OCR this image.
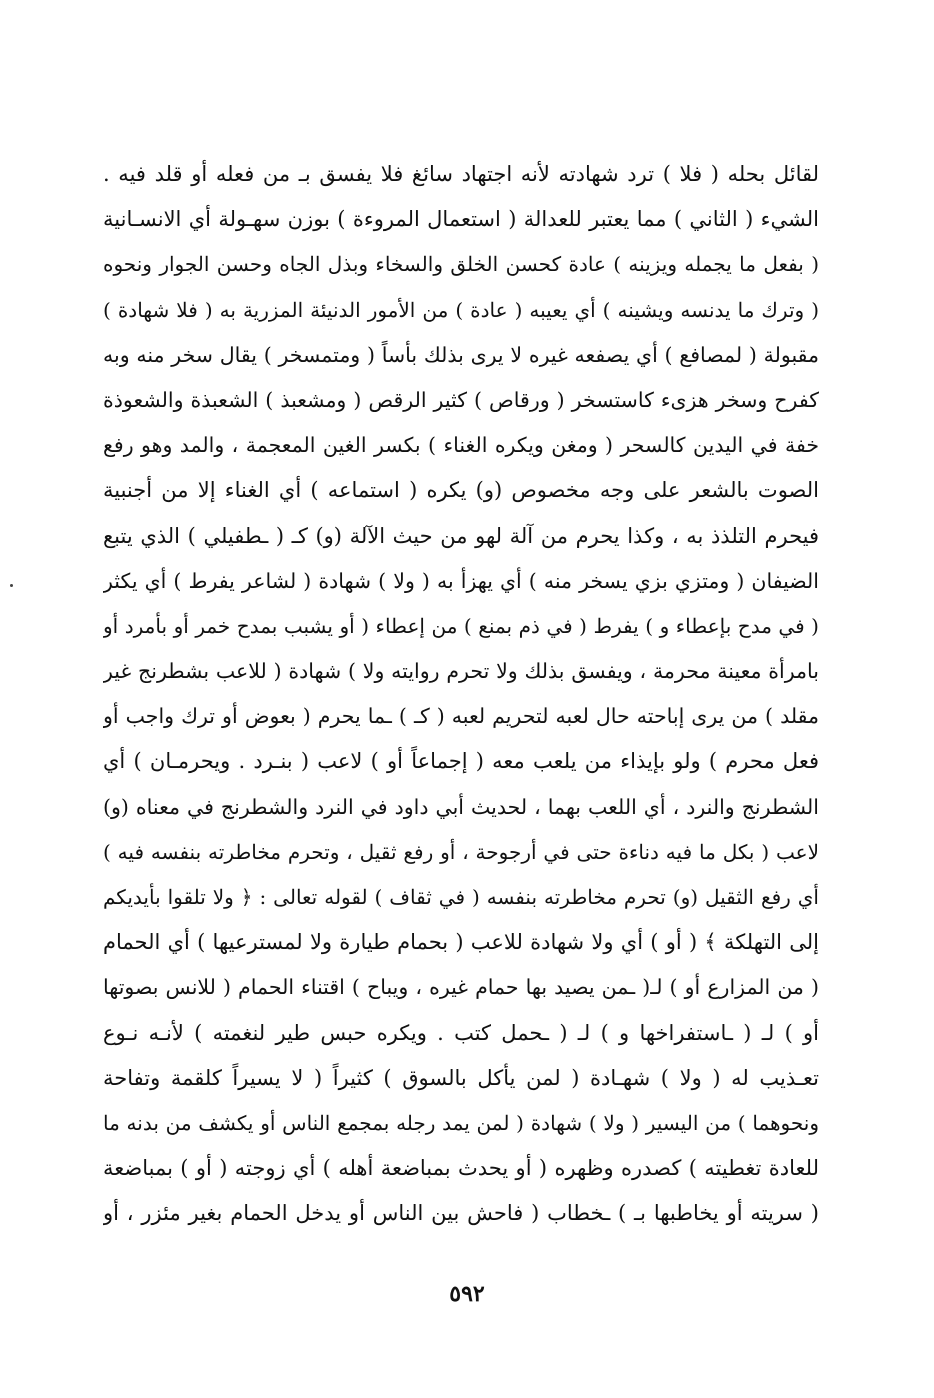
لقائل بحله ( فلا ) ترد شهادته لأنه اجتهاد سائغ فلا يفسق بـ من فعله أو قلد فيه .
الشيء ( الثاني ) مما يعتبر للعدالة ( استعمال المروءة ) بوزن سهـولة أي الانسـانية
( بفعل ما يجمله ويزينه ) عادة كحسن الخلق والسخاء وبذل الجاه وحسن الجوار ونحوه
( وترك ما يدنسه ويشينه ) أي يعيبه ( عادة ) من الأمور الدنيئة المزرية به ( فلا شهادة )
مقبولة ( لمصافع ) أي يصفعه غيره لا يرى بذلك بأساً ( ومتمسخر ) يقال سخر منه وبه
كفرح وسخر هزىء كاستسخر ( ورقاص ) كثير الرقص ( ومشعبذ ) الشعبذة والشعوذة
خفة في اليدين كالسحر ( ومغن ويكره الغناء ) بكسر الغين المعجمة ، والمد وهو رفع
الصوت بالشعر على وجه مخصوص (و) يكره ( استماعه ) أي الغناء إلا من أجنبية
فيحرم التلذذ به ، وكذا يحرم من آلة لهو من حيث الآلة (و) كـ ( ـطفيلي ) الذي يتبع
الضيفان ( ومتزي بزي يسخر منه ) أي يهزأ به ( ولا ) شهادة ( لشاعر يفرط ) أي يكثر
( في مدح بإعطاء و ) يفرط ( في ذم بمنع ) من إعطاء ( أو يشبب بمدح خمر أو بأمرد أو
بامرأة معينة محرمة ، ويفسق بذلك ولا تحرم روايته ولا ) شهادة ( للاعب بشطرنج غير
مقلد ) من يرى إباحته حال لعبه لتحريم لعبه ( كـ ) ـما يحرم ( بعوض أو ترك واجب أو
فعل محرم ) ولو بإيذاء من يلعب معه ( إجماعاً أو ) لاعب ( بنـرد . ويحرمـان ) أي
الشطرنج والنرد ، أي اللعب بهما ، لحديث أبي داود في النرد والشطرنج في معناه (و)
لاعب ( بكل ما فيه دناءة حتى في أرجوحة ، أو رفع ثقيل ، وتحرم مخاطرته بنفسه فيه )
أي رفع الثقيل (و) تحرم مخاطرته بنفسه ( في ثقاف ) لقوله تعالى : ﴿ ولا تلقوا بأيديكم
إلى التهلكة ﴾ ( أو ) أي ولا شهادة للاعب ( بحمام طيارة ولا لمسترعيها ) أي الحمام
( من المزارع أو ) لـ( ـمن يصيد بها حمام غيره ، ويباح ) اقتناء الحمام ( للانس بصوتها
أو ) لـ ( ـاستفراخها و ) لـ ( ـحمل كتب . ويكره حبس طير لنغمته ) لأنـه نـوع
تعـذيب له ( ولا ) شهـادة ( لمن يأكل بالسوق ) كثيراً ( لا يسيراً كلقمة وتفاحة
ونحوهما ) من اليسير ( ولا ) شهادة ( لمن يمد رجله بمجمع الناس أو يكشف من بدنه ما
للعادة تغطيته ) كصدره وظهره ( أو يحدث بمباضعة أهله ) أي زوجته ( أو ) بمباضعة
( سريته أو يخاطبها بـ ) ـخطاب ( فاحش بين الناس أو يدخل الحمام بغير مئزر ، أو
٥٩٢
